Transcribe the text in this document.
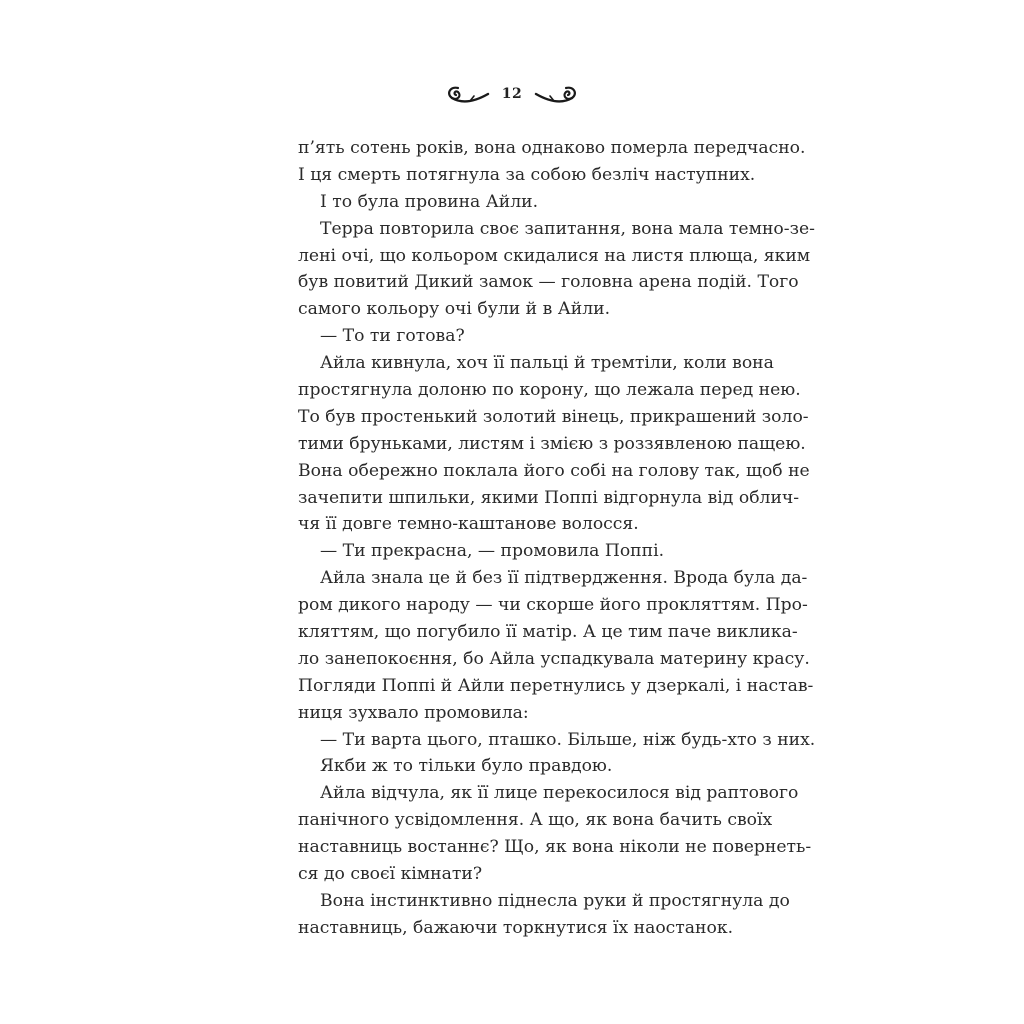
12
п’ять сотень років, вона однаково померла передчасно.
І ця смерть потягнула за собою безліч наступних.
І то була провина Айли.
Терра повторила своє запитання, вона мала темно-зе-
лені очі, що кольором скидалися на листя плюща, яким
був повитий Дикий замок — головна арена подій. Того
самого кольору очі були й в Айли.
— То ти готова?
Айла кивнула, хоч її пальці й тремтіли, коли вона
простягнула долоню по корону, що лежала перед нею.
То був простенький золотий вінець, прикрашений золо-
тими бруньками, листям і змією з роззявленою пащею.
Вона обережно поклала його собі на голову так, щоб не
зачепити шпильки, якими Поппі відгорнула від облич-
чя її довге темно-каштанове волосся.
— Ти прекрасна, — промовила Поппі.
Айла знала це й без її підтвердження. Врода була да-
ром дикого народу — чи скорше його прокляттям. Про-
кляттям, що погубило її матір. А це тим паче виклика-
ло занепокоєння, бо Айла успадкувала материну красу.
Погляди Поппі й Айли перетнулись у дзеркалі, і настав-
ниця зухвало промовила:
— Ти варта цього, пташко. Більше, ніж будь-хто з них.
Якби ж то тільки було правдою.
Айла відчула, як її лице перекосилося від раптового
панічного усвідомлення. А що, як вона бачить своїх
наставниць востаннє? Що, як вона ніколи не повернеть-
ся до своєї кімнати?
Вона інстинктивно піднесла руки й простягнула до
наставниць, бажаючи торкнутися їх наостанок.
